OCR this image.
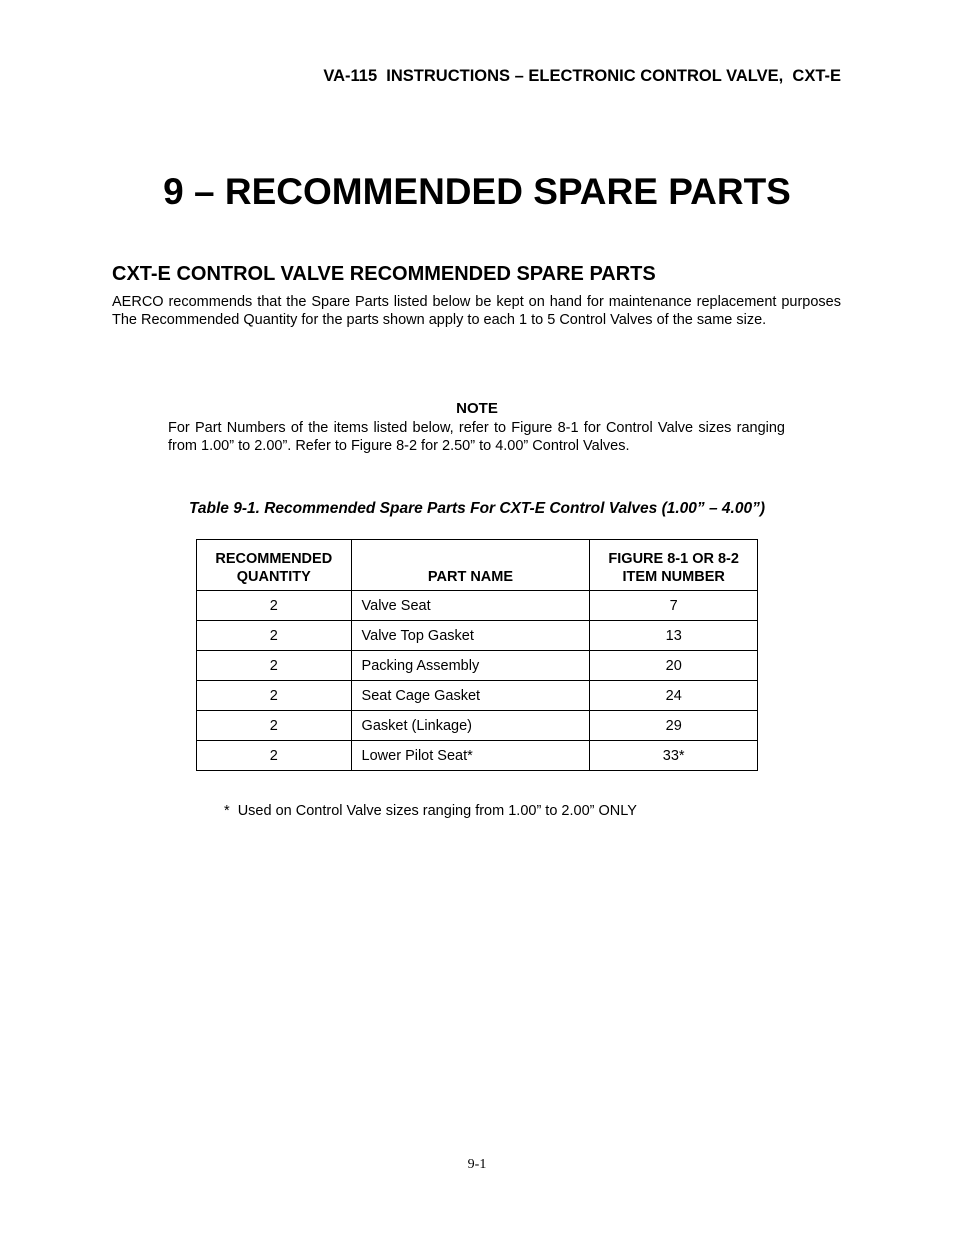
VA-115  INSTRUCTIONS – ELECTRONIC CONTROL VALVE,  CXT-E
9 – RECOMMENDED SPARE PARTS
CXT-E CONTROL VALVE RECOMMENDED SPARE PARTS

AERCO recommends that the Spare Parts listed below be kept on hand for maintenance replacement purposes The Recommended Quantity for the parts shown apply to each 1 to 5 Control Valves of the same size.

NOTE

For Part Numbers of the items listed below, refer to Figure 8-1 for Control Valve sizes ranging from 1.00” to 2.00”. Refer to Figure 8-2 for 2.50” to 4.00” Control Valves.

Table 9-1. Recommended Spare Parts For CXT-E Control Valves (1.00” – 4.00”)
RECOMMENDED
QUANTITY	PART NAME	FIGURE 8-1 OR 8-2
ITEM NUMBER
2	Valve Seat	7
2	Valve Top Gasket	13
2	Packing Assembly	20
2	Seat Cage Gasket	24
2	Gasket (Linkage)	29
2	Lower Pilot Seat*	33*
*  Used on Control Valve sizes ranging from 1.00” to 2.00” ONLY
9-1
